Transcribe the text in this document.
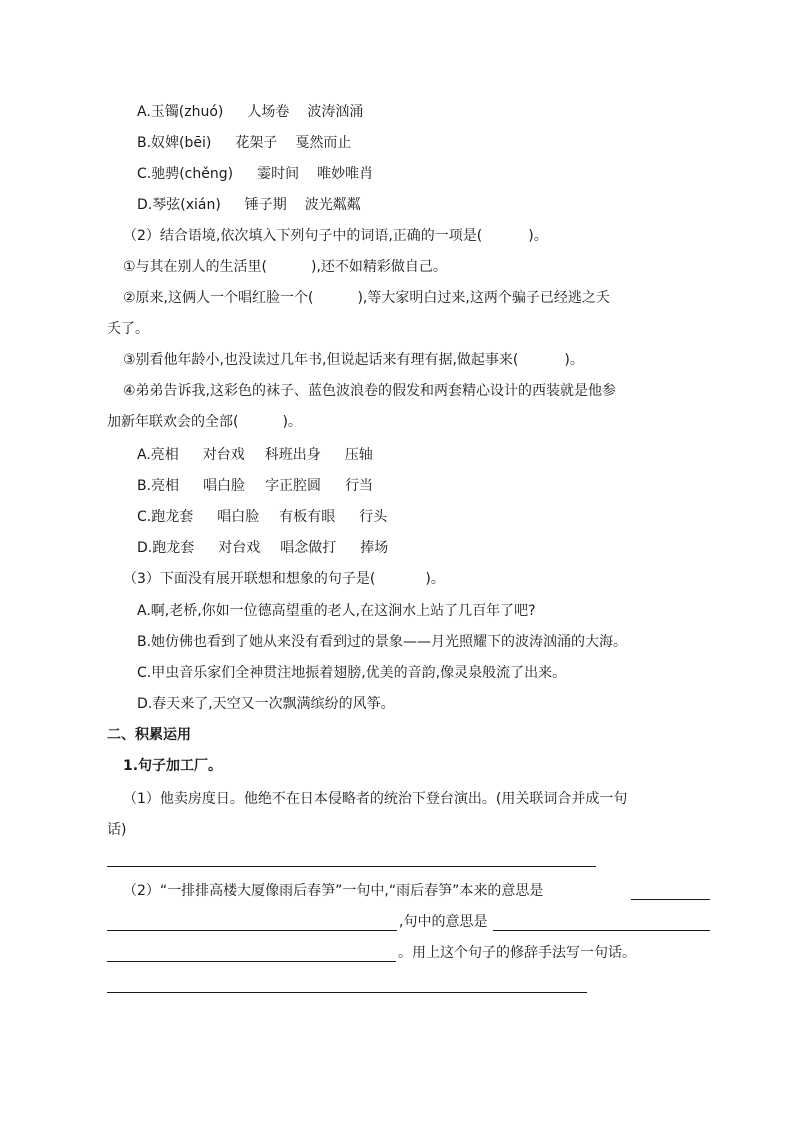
A.玉镯(zhuó) 人场卷 波涛汹涌
B.奴婢(bēi) 花架子 戛然而止
C.驰骋(chěng) 霎时间 唯妙唯肖
D.琴弦(xián) 锤子期 波光粼粼
（2）结合语境,依次填入下列句子中的词语,正确的一项是(	)。
①与其在别人的生活里(	),还不如精彩做自己。
②原来,这俩人一个唱红脸一个(	),等大家明白过来,这两个骗子已经逃之夭
夭了。
③别看他年龄小,也没读过几年书,但说起话来有理有据,做起事来(	)。
④弟弟告诉我,这彩色的袜子、蓝色波浪卷的假发和两套精心设计的西装就是他参
加新年联欢会的全部(	)。
A.亮相 对台戏 科班出身 压轴
B.亮相 唱白脸 字正腔圆 行当
C.跑龙套 唱白脸 有板有眼 行头
D.跑龙套 对台戏 唱念做打 捧场
（3）下面没有展开联想和想象的句子是(	)。
A.啊,老桥,你如一位德高望重的老人,在这涧水上站了几百年了吧?
B.她仿佛也看到了她从来没有看到过的景象——月光照耀下的波涛汹涌的大海。
C.甲虫音乐家们全神贯注地振着翅膀,优美的音韵,像灵泉般流了出来。
D.春天来了,天空又一次飘满缤纷的风筝。
二、积累运用
1.句子加工厂。
（1）他卖房度日。他绝不在日本侵略者的统治下登台演出。(用关联词合并成一句
话)
（2）“一排排高楼大厦像雨后春笋”一句中,“雨后春笋”本来的意思是
,句中的意思是
。用上这个句子的修辞手法写一句话。
